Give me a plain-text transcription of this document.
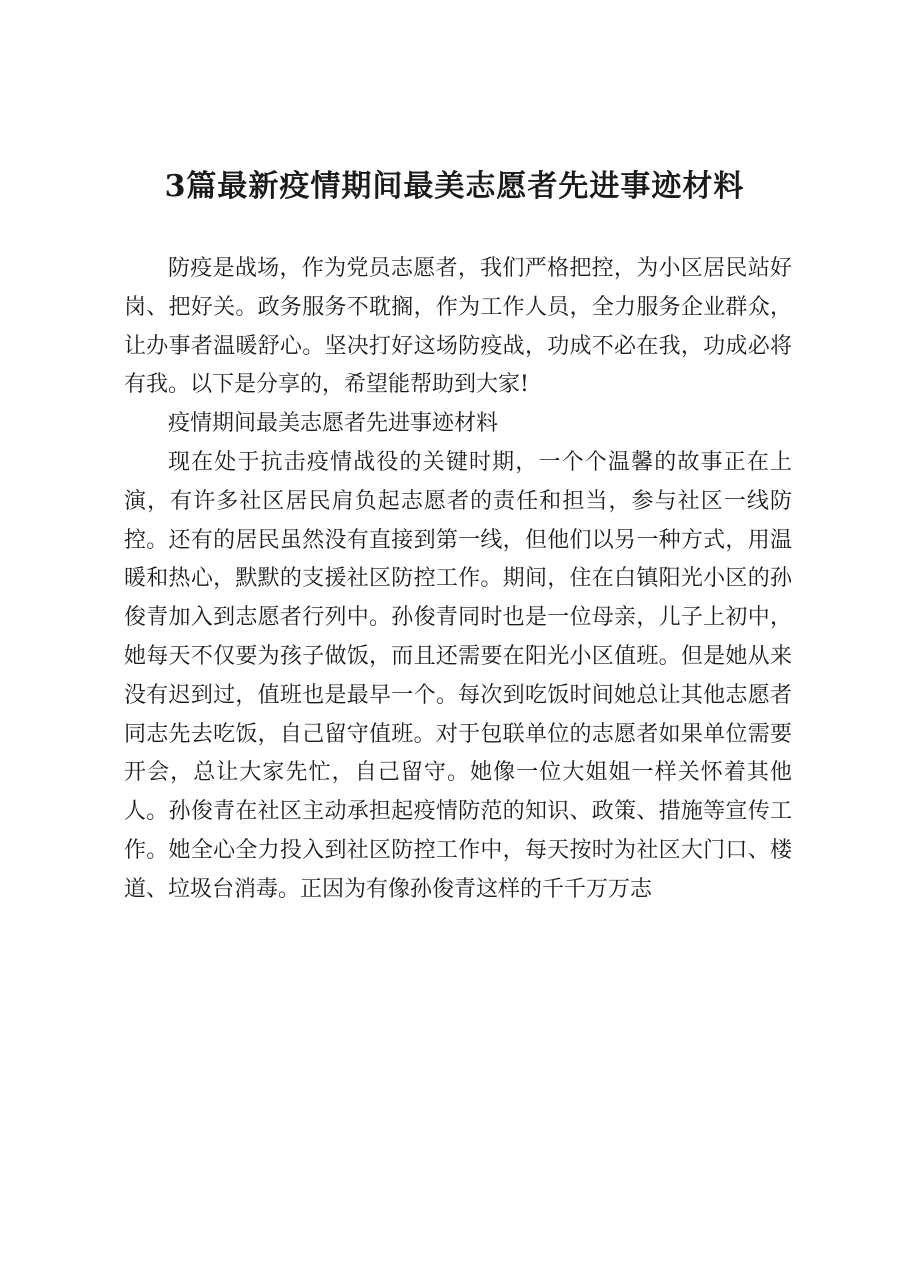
3篇最新疫情期间最美志愿者先进事迹材料

防疫是战场，作为党员志愿者，我们严格把控，为小区居民站好岗、把好关。政务服务不耽搁，作为工作人员，全力服务企业群众，让办事者温暖舒心。坚决打好这场防疫战，功成不必在我，功成必将有我。以下是分享的，希望能帮助到大家!

疫情期间最美志愿者先进事迹材料

现在处于抗击疫情战役的关键时期，一个个温馨的故事正在上演，有许多社区居民肩负起志愿者的责任和担当，参与社区一线防控。还有的居民虽然没有直接到第一线，但他们以另一种方式，用温暖和热心，默默的支援社区防控工作。期间，住在白镇阳光小区的孙俊青加入到志愿者行列中。孙俊青同时也是一位母亲，儿子上初中，她每天不仅要为孩子做饭，而且还需要在阳光小区值班。但是她从来没有迟到过，值班也是最早一个。每次到吃饭时间她总让其他志愿者同志先去吃饭，自己留守值班。对于包联单位的志愿者如果单位需要开会，总让大家先忙，自己留守。她像一位大姐姐一样关怀着其他人。孙俊青在社区主动承担起疫情防范的知识、政策、措施等宣传工作。她全心全力投入到社区防控工作中，每天按时为社区大门口、楼道、垃圾台消毒。正因为有像孙俊青这样的千千万万志
